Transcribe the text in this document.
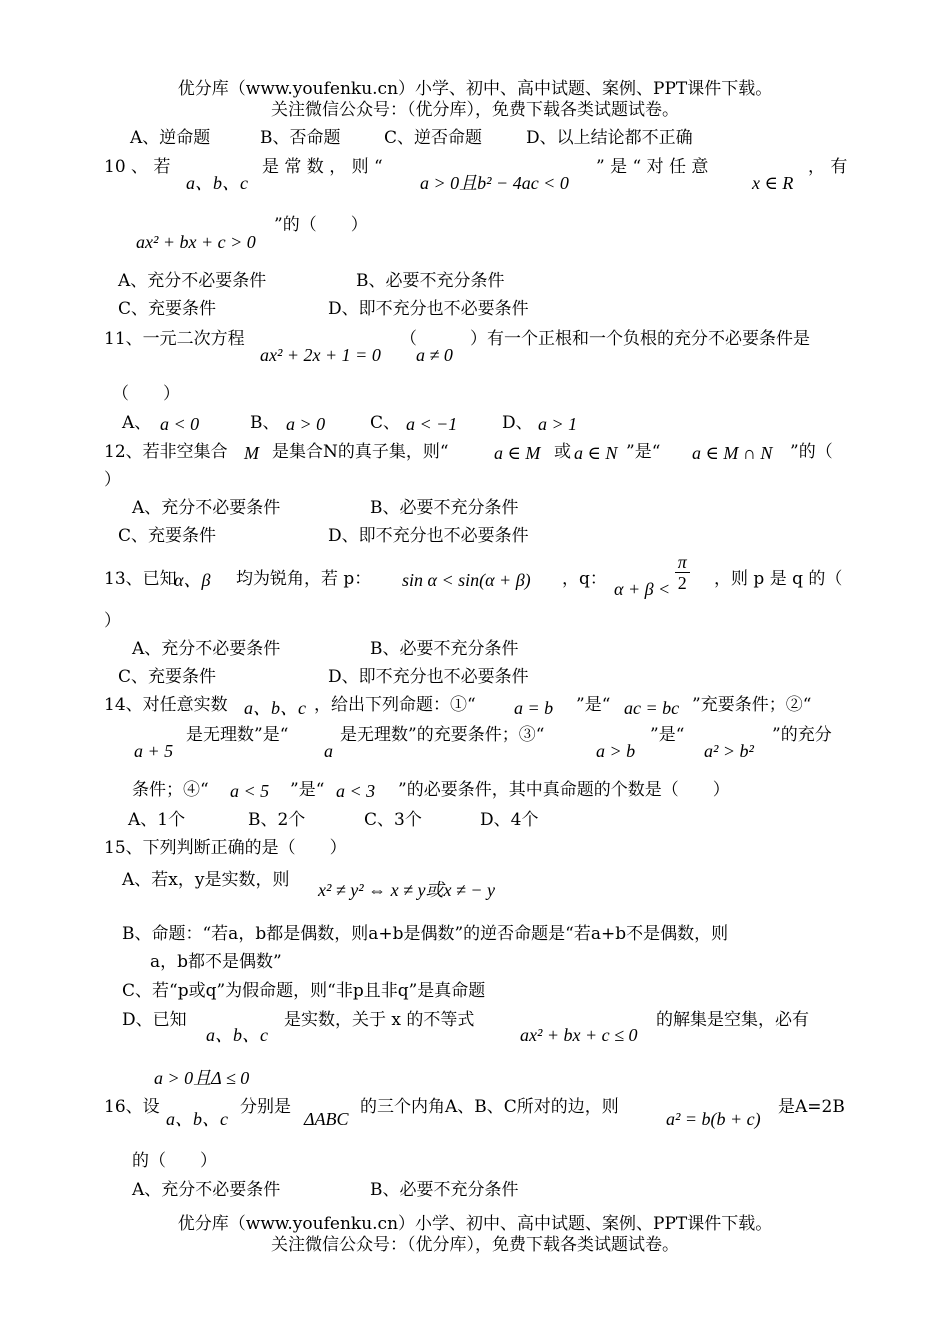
优分库（www.youfenku.cn）小学、初中、高中试题、案例、PPT课件下载。
关注微信公众号：（优分库），免费下载各类试题试卷。
A、逆命题	B、否命题	C、逆否命题	D、以上结论都不正确
10 、 若
a、b、c
是 常 数 ， 则 “
a > 0且b² − 4ac < 0
” 是 “ 对 任 意
x ∈ R
， 有
ax² + bx + c > 0
”的（　　）
A、充分不必要条件	B、必要不充分条件
C、充要条件	D、即不充分也不必要条件
11、一元二次方程
ax² + 2x + 1 = 0
（
a ≠ 0
）有一个正根和一个负根的充分不必要条件是
（　　）
A、 a < 0	B、 a > 0	C、 a < −1	D、 a > 1
12、若非空集合 M 是集合N的真子集，则“	a ∈ M 或 a ∈ N ”是“ a ∈ M ∩ N ”的（
）
A、充分不必要条件	B、必要不充分条件
C、充要条件	D、即不充分也不必要条件
13、已知
α、β 均为锐角，若 p： sin α < sin(α + β) ，q： $\alpha + \beta < \frac{\pi}{2}$ ，则 p 是 q 的（
）
A、充分不必要条件	B、必要不充分条件
C、充要条件	D、即不充分也不必要条件
14、对任意实数 a、b、c ，给出下列命题：①“ a = b ”是“ ac = bc ”充要条件；②“
a + 5
是无理数”是“
a
是无理数”的充要条件；③“
a > b
”是“
a² > b²
”的充分
条件；④“ a < 5 ”是“ a < 3 ”的必要条件，其中真命题的个数是（　　）
A、1个	B、2个	C、3个	D、4个
15、下列判断正确的是（　　）
A、若x，y是实数，则 x² ≠ y² ⇔ x ≠ y或x ≠ − y
B、命题：“若a，b都是偶数，则a+b是偶数”的逆否命题是“若a+b不是偶数，则
a，b都不是偶数”
C、若“p或q”为假命题，则“非p且非q”是真命题
D、已知
a、b、c
是实数，关于 x 的不等式
ax² + bx + c ≤ 0
的解集是空集，必有
a > 0且Δ ≤ 0
16、设
a、b、c
分别是
ΔABC
的三个内角A、B、C所对的边，则
a² = b(b + c)
是A=2B
的（　　）
A、充分不必要条件	B、必要不充分条件
优分库（www.youfenku.cn）小学、初中、高中试题、案例、PPT课件下载。
关注微信公众号：（优分库），免费下载各类试题试卷。
